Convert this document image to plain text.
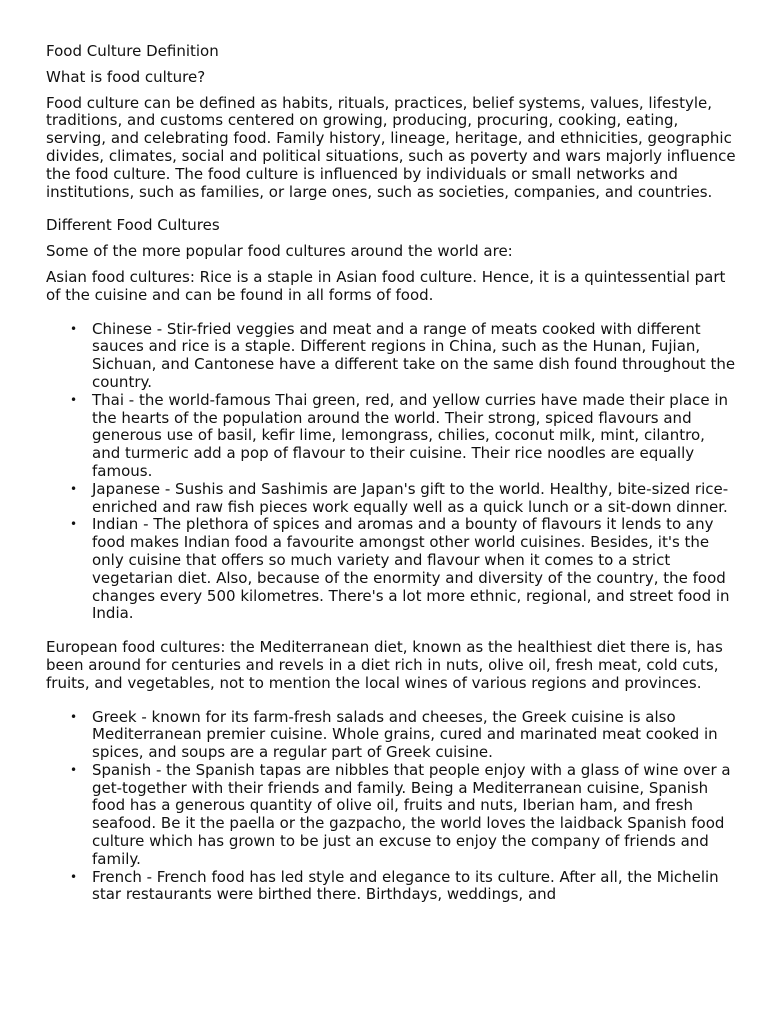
Food Culture Definition

What is food culture?

Food culture can be defined as habits, rituals, practices, belief systems, values, lifestyle, traditions, and customs centered on growing, producing, procuring, cooking, eating, serving, and celebrating food. Family history, lineage, heritage, and ethnicities, geographic divides, climates, social and political situations, such as poverty and wars majorly influence the food culture. The food culture is influenced by individuals or small networks and institutions, such as families, or large ones, such as societies, companies, and countries.

Different Food Cultures

Some of the more popular food cultures around the world are:

Asian food cultures: Rice is a staple in Asian food culture. Hence, it is a quintessential part of the cuisine and can be found in all forms of food.

• Chinese - Stir-fried veggies and meat and a range of meats cooked with different sauces and rice is a staple. Different regions in China, such as the Hunan, Fujian, Sichuan, and Cantonese have a different take on the same dish found throughout the country.
• Thai - the world-famous Thai green, red, and yellow curries have made their place in the hearts of the population around the world. Their strong, spiced flavours and generous use of basil, kefir lime, lemongrass, chilies, coconut milk, mint, cilantro, and turmeric add a pop of flavour to their cuisine. Their rice noodles are equally famous.
• Japanese - Sushis and Sashimis are Japan's gift to the world. Healthy, bite-sized rice-enriched and raw fish pieces work equally well as a quick lunch or a sit-down dinner.
• Indian - The plethora of spices and aromas and a bounty of flavours it lends to any food makes Indian food a favourite amongst other world cuisines. Besides, it's the only cuisine that offers so much variety and flavour when it comes to a strict vegetarian diet. Also, because of the enormity and diversity of the country, the food changes every 500 kilometres. There's a lot more ethnic, regional, and street food in India.

European food cultures: the Mediterranean diet, known as the healthiest diet there is, has been around for centuries and revels in a diet rich in nuts, olive oil, fresh meat, cold cuts, fruits, and vegetables, not to mention the local wines of various regions and provinces.

• Greek - known for its farm-fresh salads and cheeses, the Greek cuisine is also Mediterranean premier cuisine. Whole grains, cured and marinated meat cooked in spices, and soups are a regular part of Greek cuisine.
• Spanish - the Spanish tapas are nibbles that people enjoy with a glass of wine over a get-together with their friends and family. Being a Mediterranean cuisine, Spanish food has a generous quantity of olive oil, fruits and nuts, Iberian ham, and fresh seafood. Be it the paella or the gazpacho, the world loves the laidback Spanish food culture which has grown to be just an excuse to enjoy the company of friends and family.
• French - French food has led style and elegance to its culture. After all, the Michelin star restaurants were birthed there. Birthdays, weddings, and
